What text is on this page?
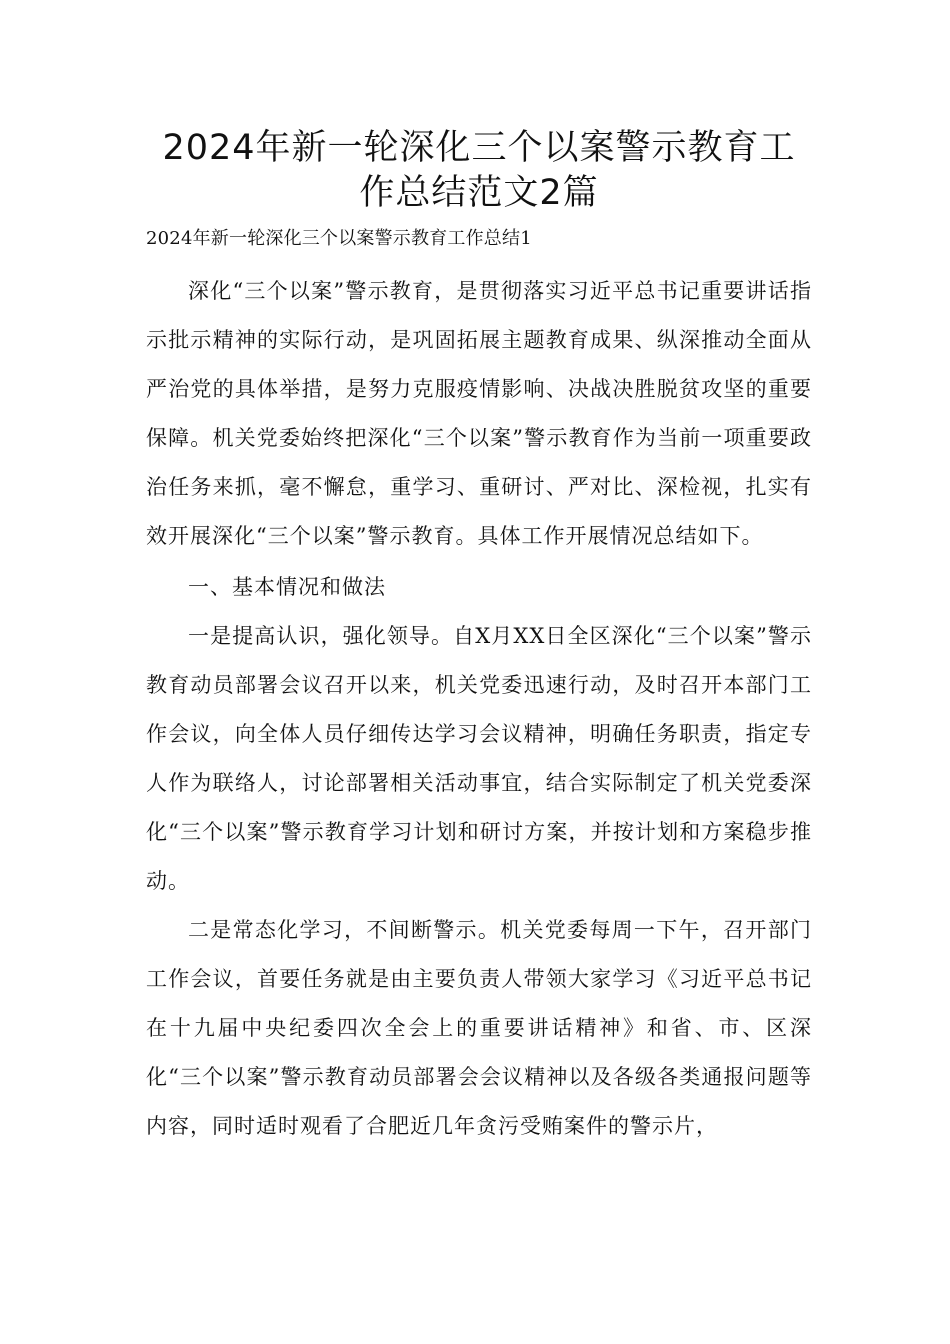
2024年新一轮深化三个以案警示教育工作总结范文2篇
2024年新一轮深化三个以案警示教育工作总结1

深化“三个以案”警示教育，是贯彻落实习近平总书记重要讲话指示批示精神的实际行动，是巩固拓展主题教育成果、纵深推动全面从严治党的具体举措，是努力克服疫情影响、决战决胜脱贫攻坚的重要保障。机关党委始终把深化“三个以案”警示教育作为当前一项重要政治任务来抓，毫不懈怠，重学习、重研讨、严对比、深检视，扎实有效开展深化“三个以案”警示教育。具体工作开展情况总结如下。

一、基本情况和做法

一是提高认识，强化领导。自X月XX日全区深化“三个以案”警示教育动员部署会议召开以来，机关党委迅速行动，及时召开本部门工作会议，向全体人员仔细传达学习会议精神，明确任务职责，指定专人作为联络人，讨论部署相关活动事宜，结合实际制定了机关党委深化“三个以案”警示教育学习计划和研讨方案，并按计划和方案稳步推动。

二是常态化学习，不间断警示。机关党委每周一下午，召开部门工作会议，首要任务就是由主要负责人带领大家学习《习近平总书记在十九届中央纪委四次全会上的重要讲话精神》和省、市、区深化“三个以案”警示教育动员部署会会议精神以及各级各类通报问题等内容，同时适时观看了合肥近几年贪污受贿案件的警示片，
